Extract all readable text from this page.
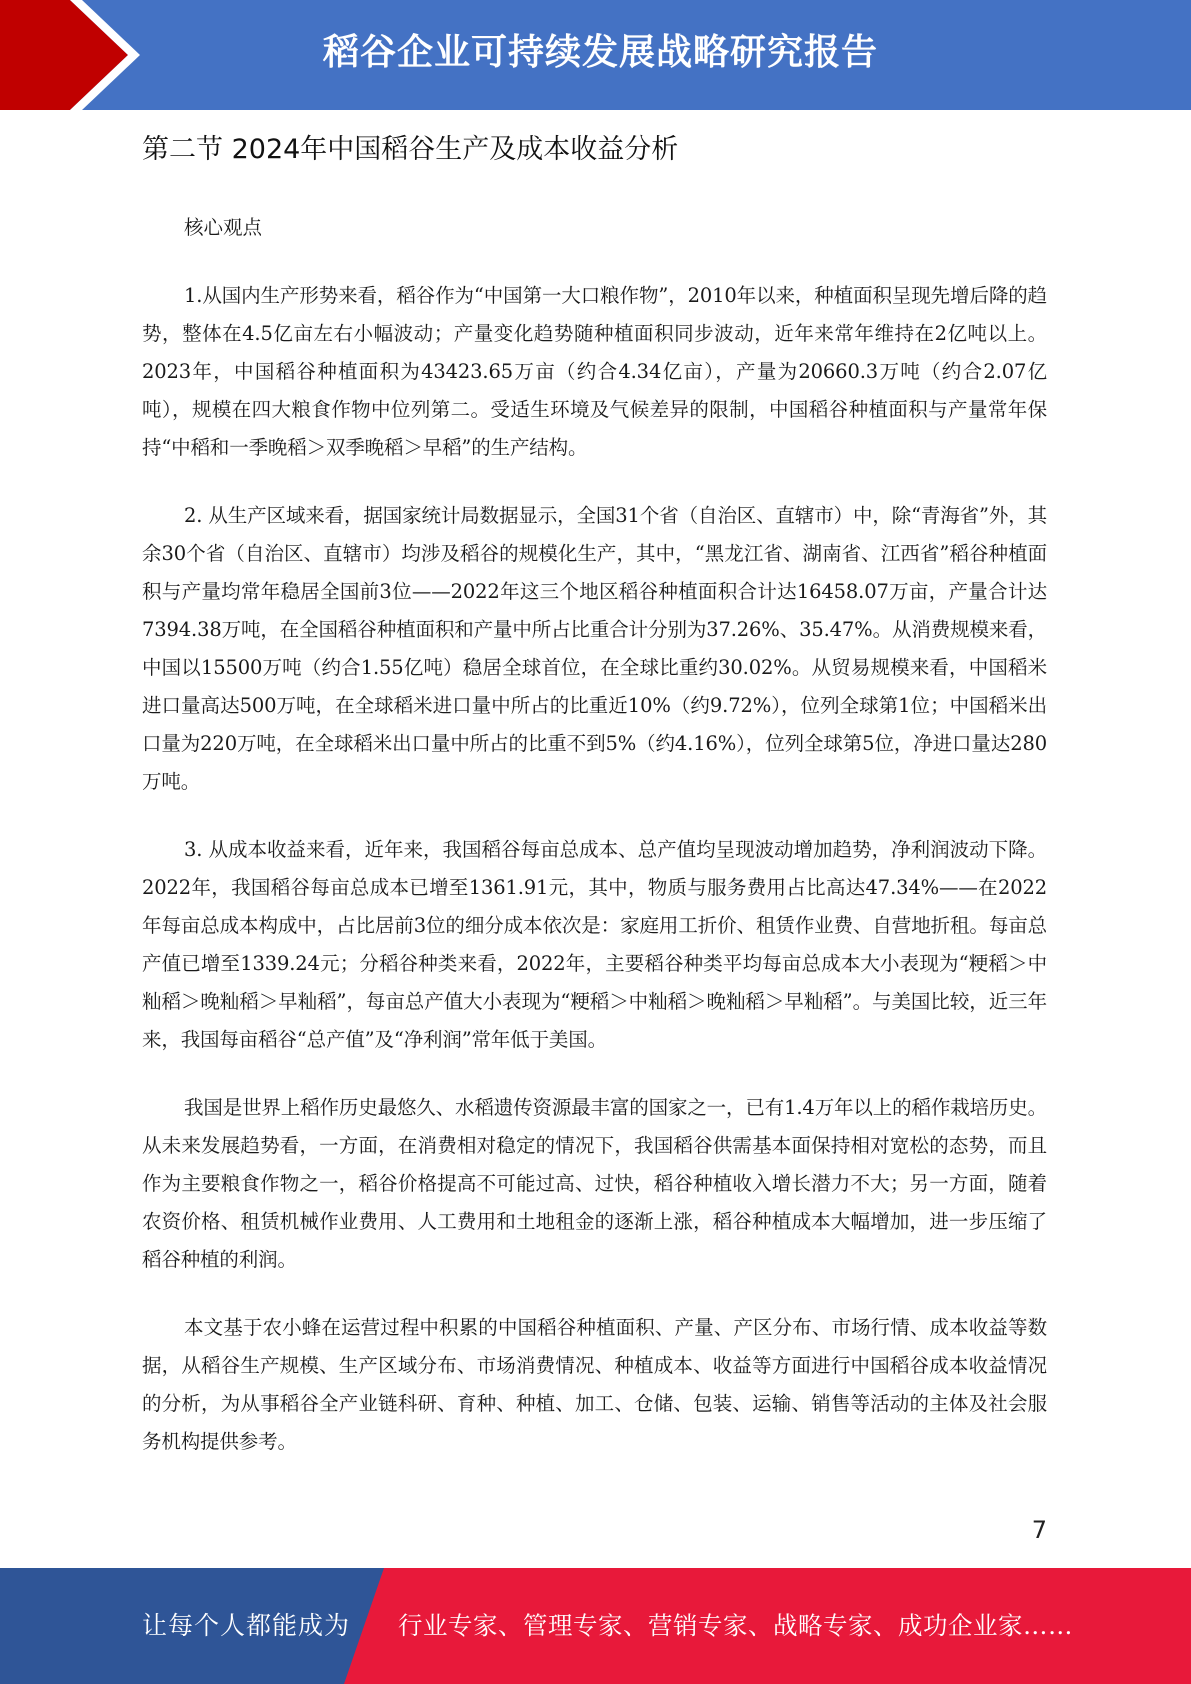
稻谷企业可持续发展战略研究报告
第二节 2024年中国稻谷生产及成本收益分析

核心观点

1.从国内生产形势来看，稻谷作为“中国第一大口粮作物”，2010年以来，种植面积呈现先增后降的趋势，整体在4.5亿亩左右小幅波动；产量变化趋势随种植面积同步波动，近年来常年维持在2亿吨以上。2023年，中国稻谷种植面积为43423.65万亩（约合4.34亿亩），产量为20660.3万吨（约合2.07亿吨），规模在四大粮食作物中位列第二。受适生环境及气候差异的限制，中国稻谷种植面积与产量常年保持“中稻和一季晚稻＞双季晚稻＞早稻”的生产结构。

2. 从生产区域来看，据国家统计局数据显示，全国31个省（自治区、直辖市）中，除“青海省”外，其余30个省（自治区、直辖市）均涉及稻谷的规模化生产，其中，“黑龙江省、湖南省、江西省”稻谷种植面积与产量均常年稳居全国前3位——2022年这三个地区稻谷种植面积合计达16458.07万亩，产量合计达7394.38万吨，在全国稻谷种植面积和产量中所占比重合计分别为37.26%、35.47%。从消费规模来看，中国以15500万吨（约合1.55亿吨）稳居全球首位，在全球比重约30.02%。从贸易规模来看，中国稻米进口量高达500万吨，在全球稻米进口量中所占的比重近10%（约9.72%），位列全球第1位；中国稻米出口量为220万吨，在全球稻米出口量中所占的比重不到5%（约4.16%），位列全球第5位，净进口量达280万吨。

3. 从成本收益来看，近年来，我国稻谷每亩总成本、总产值均呈现波动增加趋势，净利润波动下降。2022年，我国稻谷每亩总成本已增至1361.91元，其中，物质与服务费用占比高达47.34%——在2022年每亩总成本构成中，占比居前3位的细分成本依次是：家庭用工折价、租赁作业费、自营地折租。每亩总产值已增至1339.24元；分稻谷种类来看，2022年，主要稻谷种类平均每亩总成本大小表现为“粳稻＞中籼稻＞晚籼稻＞早籼稻”，每亩总产值大小表现为“粳稻＞中籼稻＞晚籼稻＞早籼稻”。与美国比较，近三年来，我国每亩稻谷“总产值”及“净利润”常年低于美国。

我国是世界上稻作历史最悠久、水稻遗传资源最丰富的国家之一，已有1.4万年以上的稻作栽培历史。从未来发展趋势看，一方面，在消费相对稳定的情况下，我国稻谷供需基本面保持相对宽松的态势，而且作为主要粮食作物之一，稻谷价格提高不可能过高、过快，稻谷种植收入增长潜力不大；另一方面，随着农资价格、租赁机械作业费用、人工费用和土地租金的逐渐上涨，稻谷种植成本大幅增加，进一步压缩了稻谷种植的利润。

本文基于农小蜂在运营过程中积累的中国稻谷种植面积、产量、产区分布、市场行情、成本收益等数据，从稻谷生产规模、生产区域分布、市场消费情况、种植成本、收益等方面进行中国稻谷成本收益情况的分析，为从事稻谷全产业链科研、育种、种植、加工、仓储、包装、运输、销售等活动的主体及社会服务机构提供参考。

7
让每个人都能成为 行业专家、管理专家、营销专家、战略专家、成功企业家……
